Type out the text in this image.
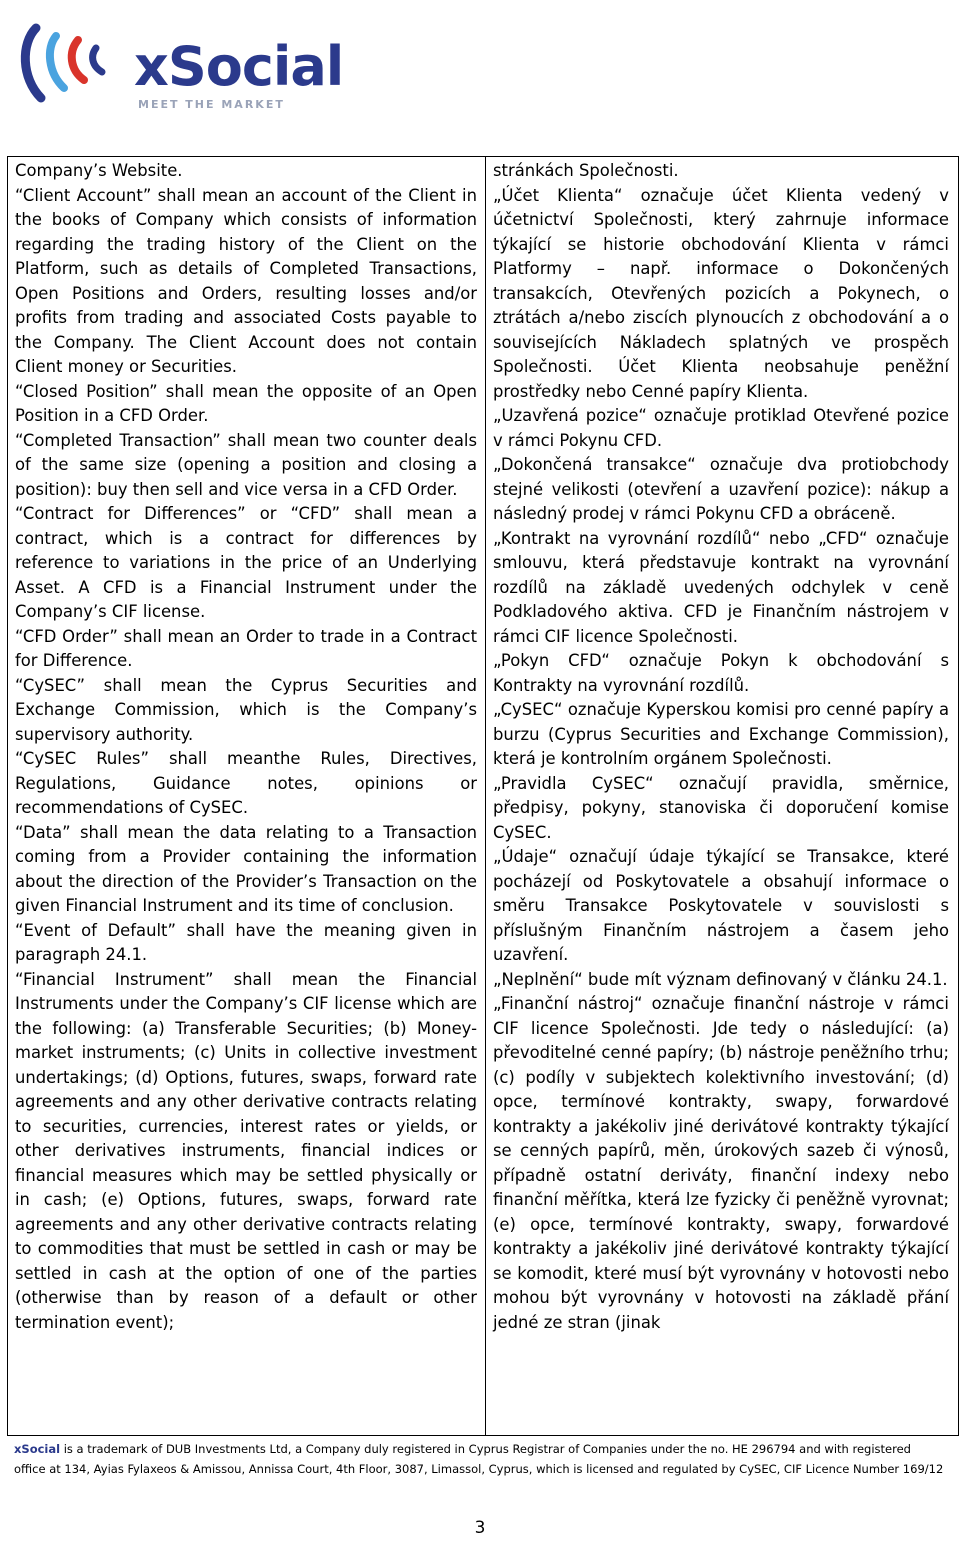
xSocial
MEET THE MARKET

Company’s Website.

“Client Account” shall mean an account of the Client in the books of Company which consists of information regarding the trading history of the Client on the Platform, such as details of Completed Transactions, Open Positions and Orders, resulting losses and/or profits from trading and associated Costs payable to the Company. The Client Account does not contain Client money or Securities.

“Closed Position” shall mean the opposite of an Open Position in a CFD Order.

“Completed Transaction” shall mean two counter deals of the same size (opening a position and closing a position): buy then sell and vice versa in a CFD Order.

“Contract for Differences” or “CFD” shall mean a contract, which is a contract for differences by reference to variations in the price of an Underlying Asset. A CFD is a Financial Instrument under the Company’s CIF license.

“CFD Order” shall mean an Order to trade in a Contract for Difference.

“CySEC” shall mean the Cyprus Securities and Exchange Commission, which is the Company’s supervisory authority.

“CySEC Rules” shall meanthe Rules, Directives, Regulations, Guidance notes, opinions or recommendations of CySEC.

“Data” shall mean the data relating to a Transaction coming from a Provider containing the information about the direction of the Provider’s Transaction on the given Financial Instrument and its time of conclusion.

“Event of Default” shall have the meaning given in paragraph 24.1.

“Financial Instrument” shall mean the Financial Instruments under the Company’s CIF license which are the following: (a) Transferable Securities; (b) Money-market instruments; (c) Units in collective investment undertakings; (d) Options, futures, swaps, forward rate agreements and any other derivative contracts relating to securities, currencies, interest rates or yields, or other derivatives instruments, financial indices or financial measures which may be settled physically or in cash; (e) Options, futures, swaps, forward rate agreements and any other derivative contracts relating to commodities that must be settled in cash or may be settled in cash at the option of one of the parties (otherwise than by reason of a default or other termination event);

stránkách Společnosti.

„Účet Klienta“ označuje účet Klienta vedený v účetnictví Společnosti, který zahrnuje informace týkající se historie obchodování Klienta v rámci Platformy – např. informace o Dokončených transakcích, Otevřených pozicích a Pokynech, o ztrátách a/nebo ziscích plynoucích z obchodování a o souvisejících Nákladech splatných ve prospěch Společnosti. Účet Klienta neobsahuje peněžní prostředky nebo Cenné papíry Klienta.

„Uzavřená pozice“ označuje protiklad Otevřené pozice v rámci Pokynu CFD.

„Dokončená transakce“ označuje dva protiobchody stejné velikosti (otevření a uzavření pozice): nákup a následný prodej v rámci Pokynu CFD a obráceně.

„Kontrakt na vyrovnání rozdílů“ nebo „CFD“ označuje smlouvu, která představuje kontrakt na vyrovnání rozdílů na základě uvedených odchylek v ceně Podkladového aktiva. CFD je Finančním nástrojem v rámci CIF licence Společnosti.

„Pokyn CFD“ označuje Pokyn k obchodování s Kontrakty na vyrovnání rozdílů.

„CySEC“ označuje Kyperskou komisi pro cenné papíry a burzu (Cyprus Securities and Exchange Commission), která je kontrolním orgánem Společnosti.

„Pravidla CySEC“ označují pravidla, směrnice, předpisy, pokyny, stanoviska či doporučení komise CySEC.

„Údaje“ označují údaje týkající se Transakce, které pocházejí od Poskytovatele a obsahují informace o směru Transakce Poskytovatele v souvislosti s příslušným Finančním nástrojem a časem jeho uzavření.

„Neplnění“ bude mít význam definovaný v článku 24.1.

„Finanční nástroj“ označuje finanční nástroje v rámci CIF licence Společnosti. Jde tedy o následující: (a) převoditelné cenné papíry; (b) nástroje peněžního trhu; (c) podíly v subjektech kolektivního investování; (d) opce, termínové kontrakty, swapy, forwardové kontrakty a jakékoliv jiné derivátové kontrakty týkající se cenných papírů, měn, úrokových sazeb či výnosů, případně ostatní deriváty, finanční indexy nebo finanční měřítka, která lze fyzicky či peněžně vyrovnat; (e) opce, termínové kontrakty, swapy, forwardové kontrakty a jakékoliv jiné derivátové kontrakty týkající se komodit, které musí být vyrovnány v hotovosti nebo mohou být vyrovnány v hotovosti na základě přání jedné ze stran (jinak

xSocial is a trademark of DUB Investments Ltd, a Company duly registered in Cyprus Registrar of Companies under the no. HE 296794 and with registered office at 134, Ayias Fylaxeos & Amissou, Annissa Court, 4th Floor, 3087, Limassol, Cyprus, which is licensed and regulated by CySEC, CIF Licence Number 169/12
3
